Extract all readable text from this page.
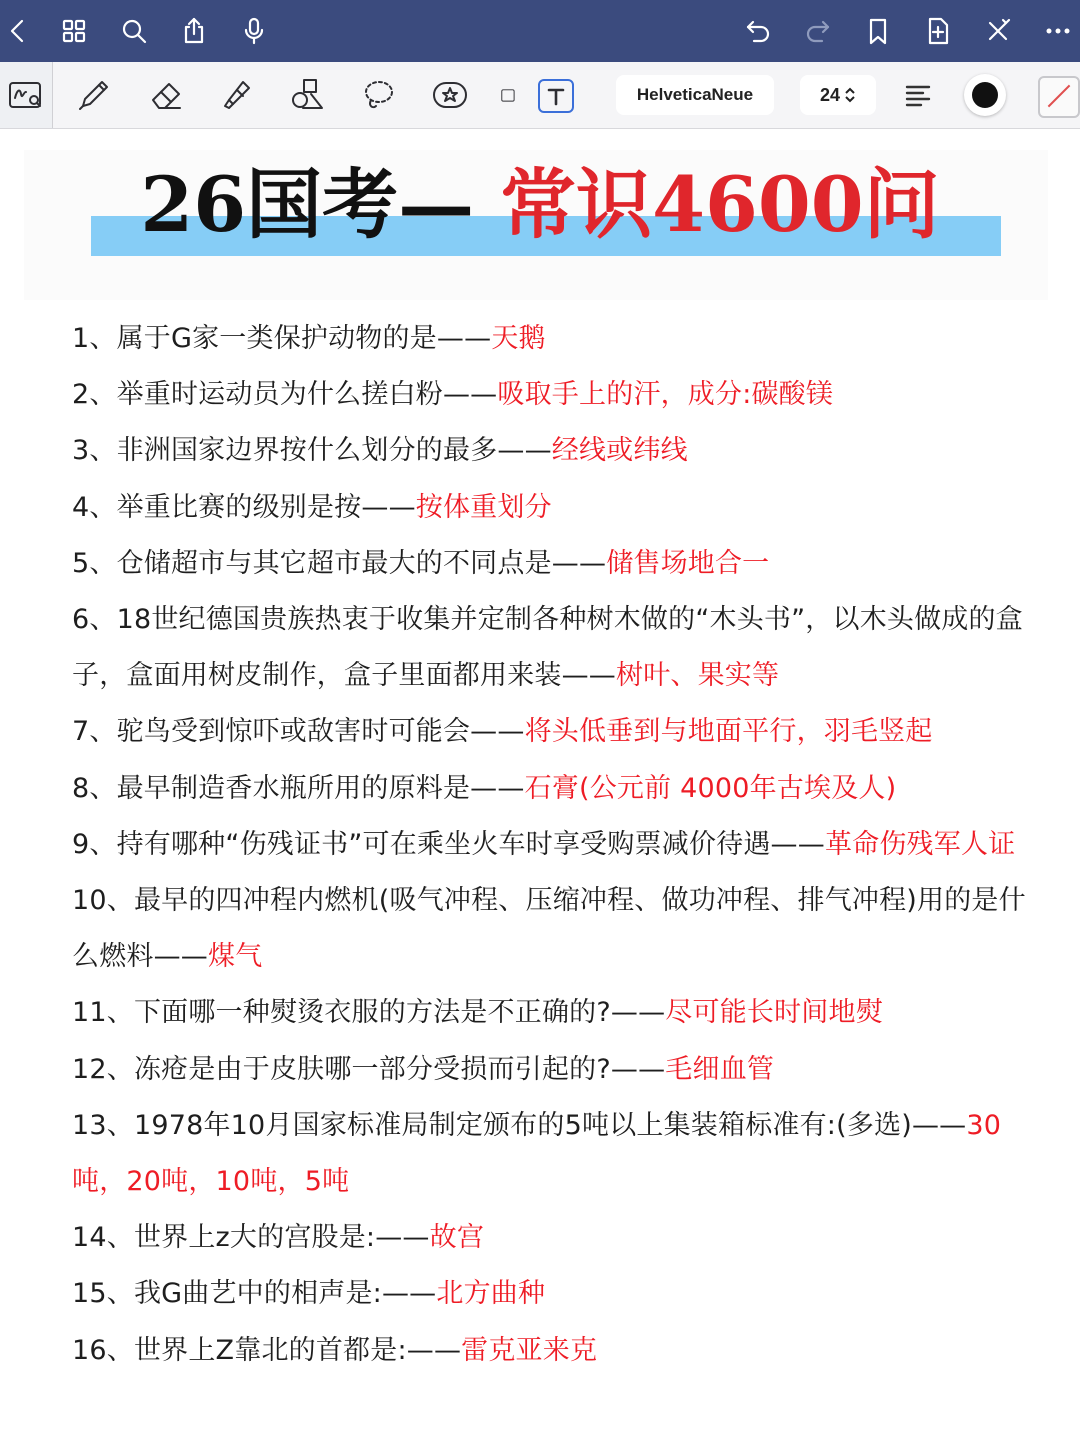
HelveticaNeue	24
26国考— 常识4600问
1、属于G家一类保护动物的是——天鹅
2、举重时运动员为什么搓白粉——吸取手上的汗，成分:碳酸镁
3、非洲国家边界按什么划分的最多——经线或纬线
4、举重比赛的级别是按——按体重划分
5、仓储超市与其它超市最大的不同点是——储售场地合一
6、18世纪德国贵族热衷于收集并定制各种树木做的“木头书”，以木头做成的盒子，盒面用树皮制作，盒子里面都用来装——树叶、果实等
7、驼鸟受到惊吓或敌害时可能会——将头低垂到与地面平行，羽毛竖起
8、最早制造香水瓶所用的原料是——石膏(公元前 4000年古埃及人)
9、持有哪种“伤残证书”可在乘坐火车时享受购票减价待遇——革命伤残军人证
10、最早的四冲程内燃机(吸气冲程、压缩冲程、做功冲程、排气冲程)用的是什么燃料——煤气
11、下面哪一种熨烫衣服的方法是不正确的?——尽可能长时间地熨
12、冻疮是由于皮肤哪一部分受损而引起的?——毛细血管
13、1978年10月国家标准局制定颁布的5吨以上集装箱标准有:(多选)——30吨，20吨，10吨，5吨
14、世界上z大的宫股是:——故宫
15、我G曲艺中的相声是:——北方曲种
16、世界上Z靠北的首都是:——雷克亚来克
